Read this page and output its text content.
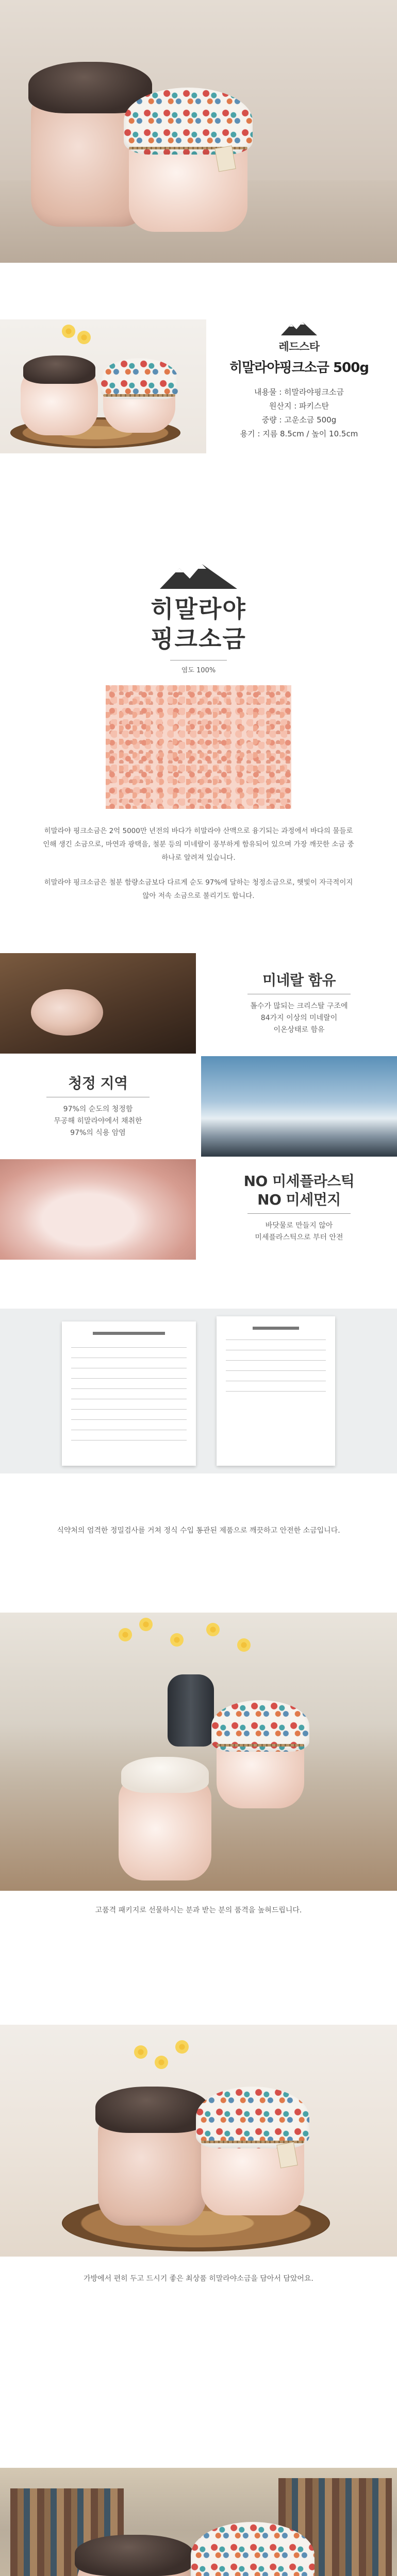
레드스타
히말라야핑크소금 500g
내용물 : 히말라야핑크소금
원산지 : 파키스탄
중량 : 고운소금 500g
용기 : 지름 8.5cm / 높이 10.5cm
히말라야
핑크소금
염도 100%

히말라야 핑크소금은 2억 5000만 년전의 바다가 히말라야 산맥으로 융기되는 과정에서 바다의 물들로 인해 생긴 소금으로, 마연과 광택을, 철분 등의 미네랄이 풍부하게 함유되어 있으며 가장 깨끗한 소금 중 하나로 알려져 있습니다.

히말라야 핑크소금은 철분 함량소금보다 다르게 순도 97%에 달하는 청정소금으로, 햇빛이 자극적이지 않아 저속 소금으로 불리기도 합니다.

미네랄 함유
톨수가 많되는 크리스탈 구조에
84가지 이상의 미네랄이
이온상태로 함유
청정 지역
97%의 순도의 청정함
무공해 히말라야에서 채취한
97%의 식용 암염
NO 미세플라스틱
NO 미세먼지
바닷물로 만들지 않아
미세플라스틱으로 부터 안전
식약처의 엄격한 정밀검사를 거쳐 정식 수입 통관된 제품으로 깨끗하고 안전한 소금입니다.
고품격 패키지로 선물하시는 분과 받는 분의 품격을 높혀드립니다.
가방에서 편히 두고 드시기 좋은 최상품 히말라야소금을 담아서 담았어요.
